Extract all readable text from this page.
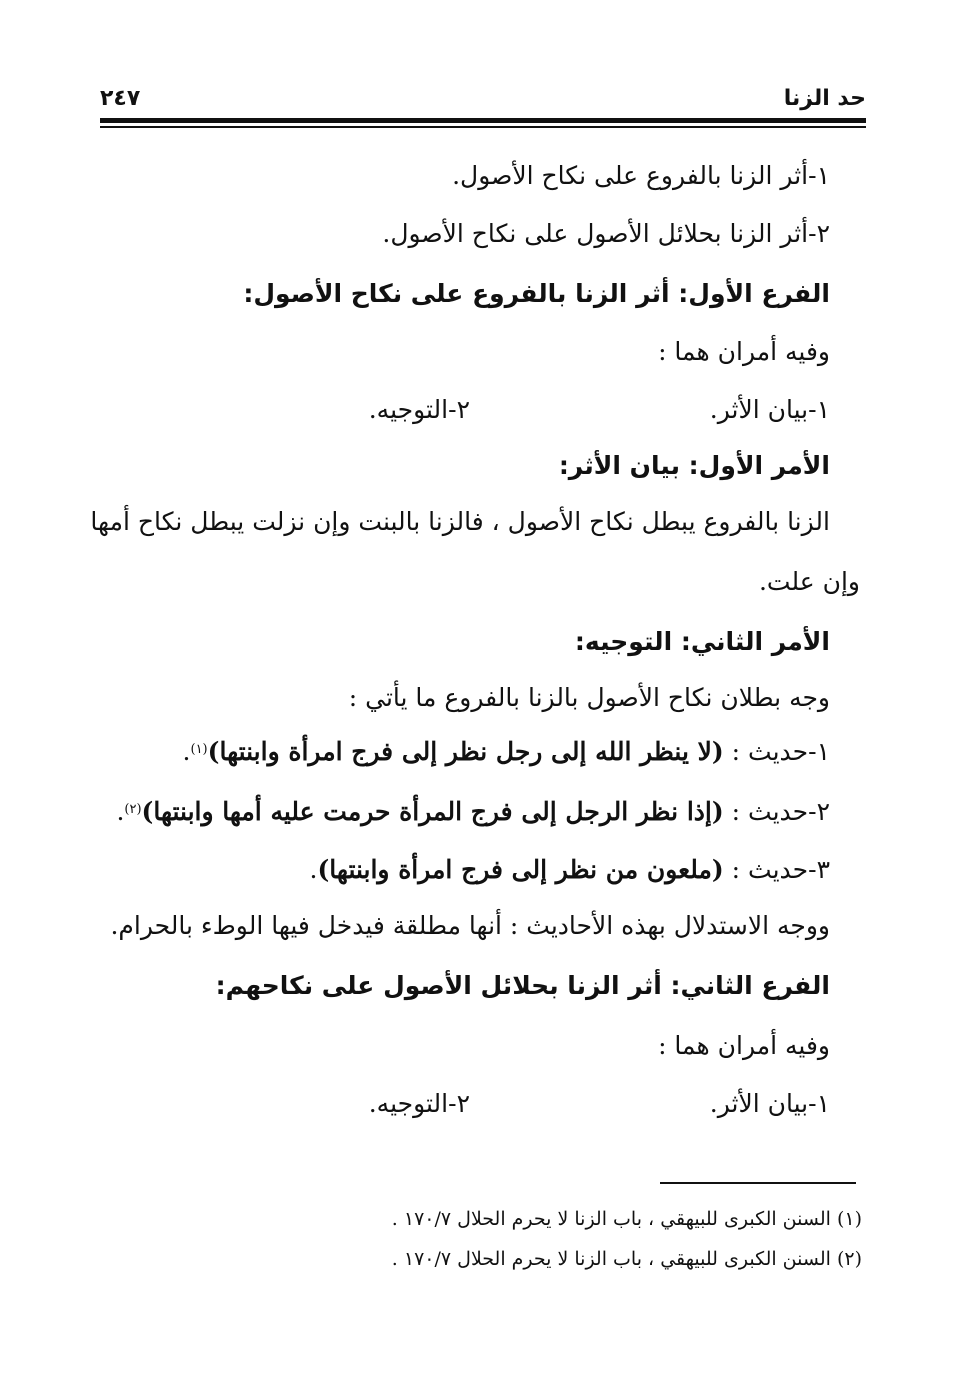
حد الزنا
٢٤٧
١-أثر الزنا بالفروع على نكاح الأصول.
٢-أثر الزنا بحلائل الأصول على نكاح الأصول.
الفرع الأول: أثر الزنا بالفروع على نكاح الأصول:
وفيه أمران هما :
١-بيان الأثر.
٢-التوجيه.
الأمر الأول: بيان الأثر:
الزنا بالفروع يبطل نكاح الأصول ، فالزنا بالبنت وإن نزلت يبطل نكاح أمها
وإن علت.
الأمر الثاني: التوجيه:
وجه بطلان نكاح الأصول بالزنا بالفروع ما يأتي :
١-حديث : (لا ينظر الله إلى رجل نظر إلى فرج امرأة وابنتها)$^{(١)}$.
٢-حديث : (إذا نظر الرجل إلى فرج المرأة حرمت عليه أمها وابنتها)$^{(٢)}$.
٣-حديث : (ملعون من نظر إلى فرج امرأة وابنتها).
ووجه الاستدلال بهذه الأحاديث : أنها مطلقة فيدخل فيها الوطء بالحرام.
الفرع الثاني: أثر الزنا بحلائل الأصول على نكاحهم:
وفيه أمران هما :
١-بيان الأثر.
٢-التوجيه.
(١) السنن الكبرى للبيهقي ، باب الزنا لا يحرم الحلال ١٧٠/٧ .
(٢) السنن الكبرى للبيهقي ، باب الزنا لا يحرم الحلال ١٧٠/٧ .
